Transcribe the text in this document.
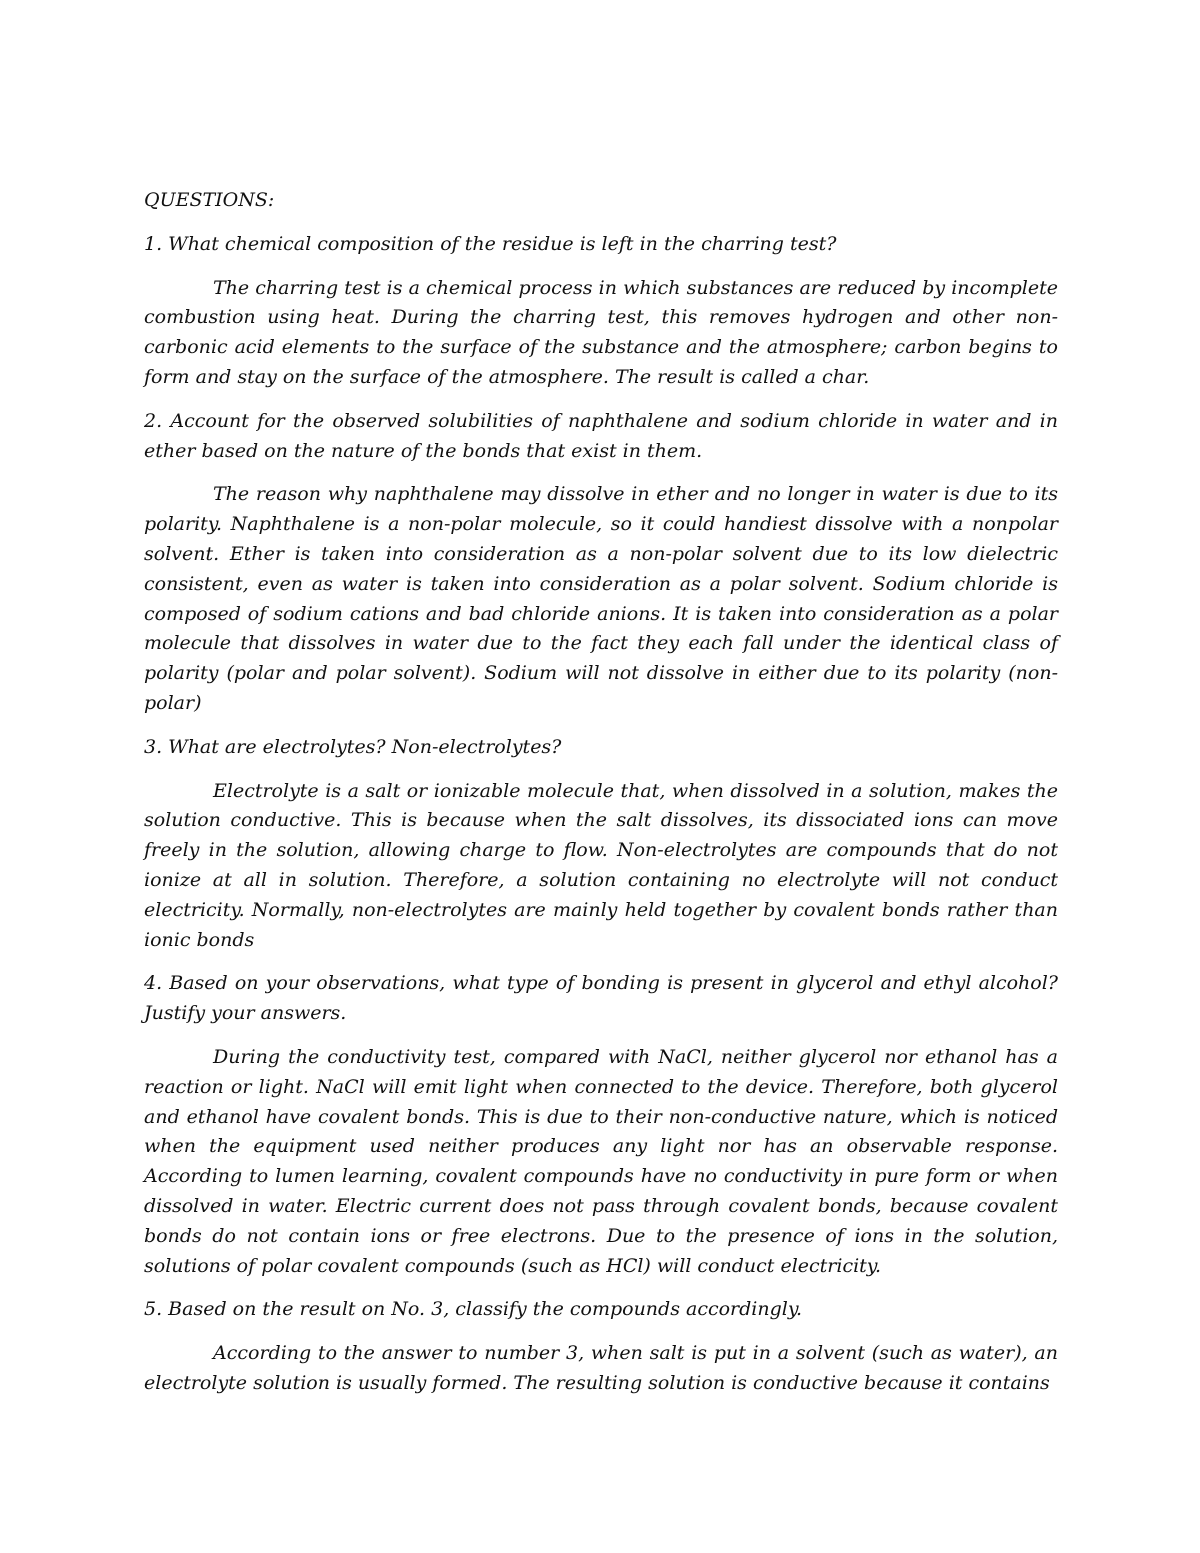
QUESTIONS:

1. What chemical composition of the residue is left in the charring test?

The charring test is a chemical process in which substances are reduced by incomplete combustion using heat. During the charring test, this removes hydrogen and other non-carbonic acid elements to the surface of the substance and the atmosphere; carbon begins to form and stay on the surface of the atmosphere. The result is called a char.

2. Account for the observed solubilities of naphthalene and sodium chloride in water and in ether based on the nature of the bonds that exist in them.

The reason why naphthalene may dissolve in ether and no longer in water is due to its polarity. Naphthalene is a non-polar molecule, so it could handiest dissolve with a nonpolar solvent. Ether is taken into consideration as a non-polar solvent due to its low dielectric consistent, even as water is taken into consideration as a polar solvent. Sodium chloride is composed of sodium cations and bad chloride anions. It is taken into consideration as a polar molecule that dissolves in water due to the fact they each fall under the identical class of polarity (polar and polar solvent). Sodium will not dissolve in either due to its polarity (non-polar)

3. What are electrolytes? Non-electrolytes?

Electrolyte is a salt or ionizable molecule that, when dissolved in a solution, makes the solution conductive. This is because when the salt dissolves, its dissociated ions can move freely in the solution, allowing charge to flow. Non-electrolytes are compounds that do not ionize at all in solution. Therefore, a solution containing no electrolyte will not conduct electricity. Normally, non-electrolytes are mainly held together by covalent bonds rather than ionic bonds

4. Based on your observations, what type of bonding is present in glycerol and ethyl alcohol? Justify your answers.

During the conductivity test, compared with NaCl, neither glycerol nor ethanol has a reaction or light. NaCl will emit light when connected to the device. Therefore, both glycerol and ethanol have covalent bonds. This is due to their non-conductive nature, which is noticed when the equipment used neither produces any light nor has an observable response. According to lumen learning, covalent compounds have no conductivity in pure form or when dissolved in water. Electric current does not pass through covalent bonds, because covalent bonds do not contain ions or free electrons. Due to the presence of ions in the solution, solutions of polar covalent compounds (such as HCl) will conduct electricity.

5. Based on the result on No. 3, classify the compounds accordingly.

According to the answer to number 3, when salt is put in a solvent (such as water), an electrolyte solution is usually formed. The resulting solution is conductive because it contains
